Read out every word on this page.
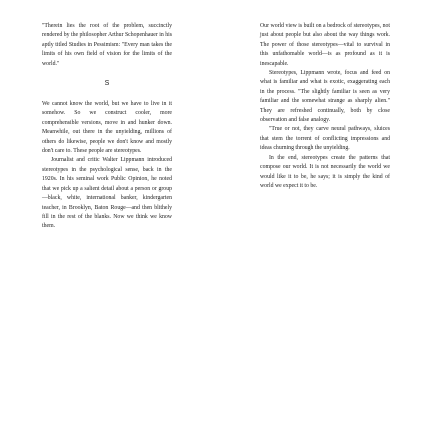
"Therein lies the root of the problem, succinctly rendered by the philosopher Arthur Schopenhauer in his aptly titled Studies in Pessimism: "Every man takes the limits of his own field of vision for the limits of the world."

S

We cannot know the world, but we have to live in it somehow. So we construct cooler, more comprehensible versions, move in and hunker down. Meanwhile, out there in the unyielding, millions of others do likewise, people we don't know and mostly don't care to. These people are stereotypes.

Journalist and critic Walter Lippmann introduced stereotypes in the psychological sense, back in the 1920s. In his seminal work Public Opinion, he noted that we pick up a salient detail about a person or group—black, white, international banker, kindergarten teacher, in Brooklyn, Baton Rouge—and then blithely fill in the rest of the blanks. Now we think we know them.

Our world view is built on a bedrock of stereotypes, not just about people but also about the way things work. The power of those stereotypes—vital to survival in this unfathomable world—is as profound as it is inescapable.

Stereotypes, Lippmann wrote, focus and feed on what is familiar and what is exotic, exaggerating each in the process. "The slightly familiar is seen as very familiar and the somewhat strange as sharply alien." They are refreshed continually, both by close observation and false analogy.

"True or not, they carve neural pathways, sluices that stem the torrent of conflicting impressions and ideas churning through the unyielding.

In the end, stereotypes create the patterns that compose our world. It is not necessarily the world we would like it to be, he says; it is simply the kind of world we expect it to be.
